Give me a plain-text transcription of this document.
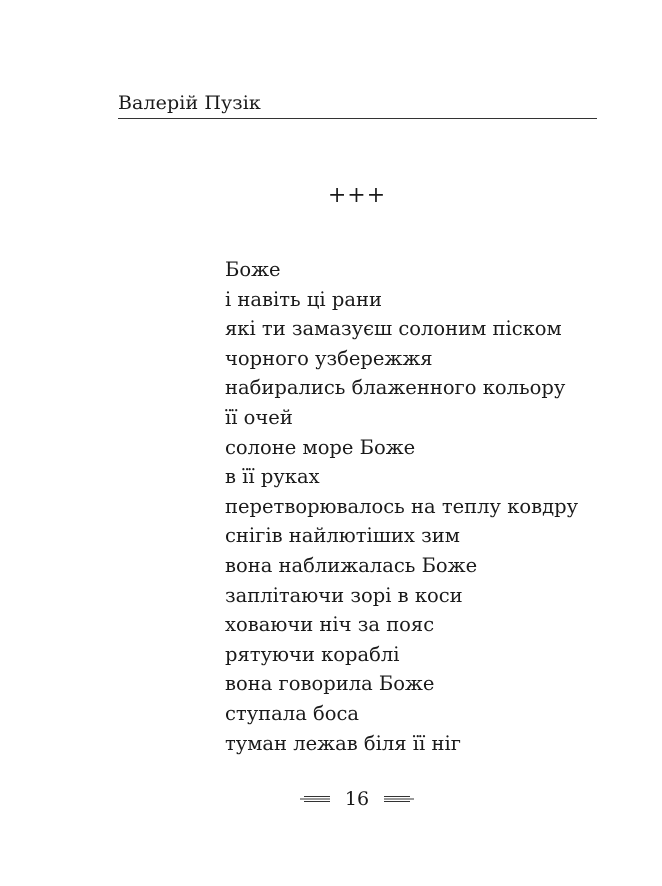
Валерій Пузік
+++
Боже
і навіть ці рани
які ти замазуєш солоним піском
чорного узбережжя
набирались блаженного кольору
її очей
солоне море Боже
в її руках
перетворювалось на теплу ковдру
снігів найлютіших зим
вона наближалась Боже
заплітаючи зорі в коси
ховаючи ніч за пояс
рятуючи кораблі
вона говорила Боже
ступала боса
туман лежав біля її ніг
16
